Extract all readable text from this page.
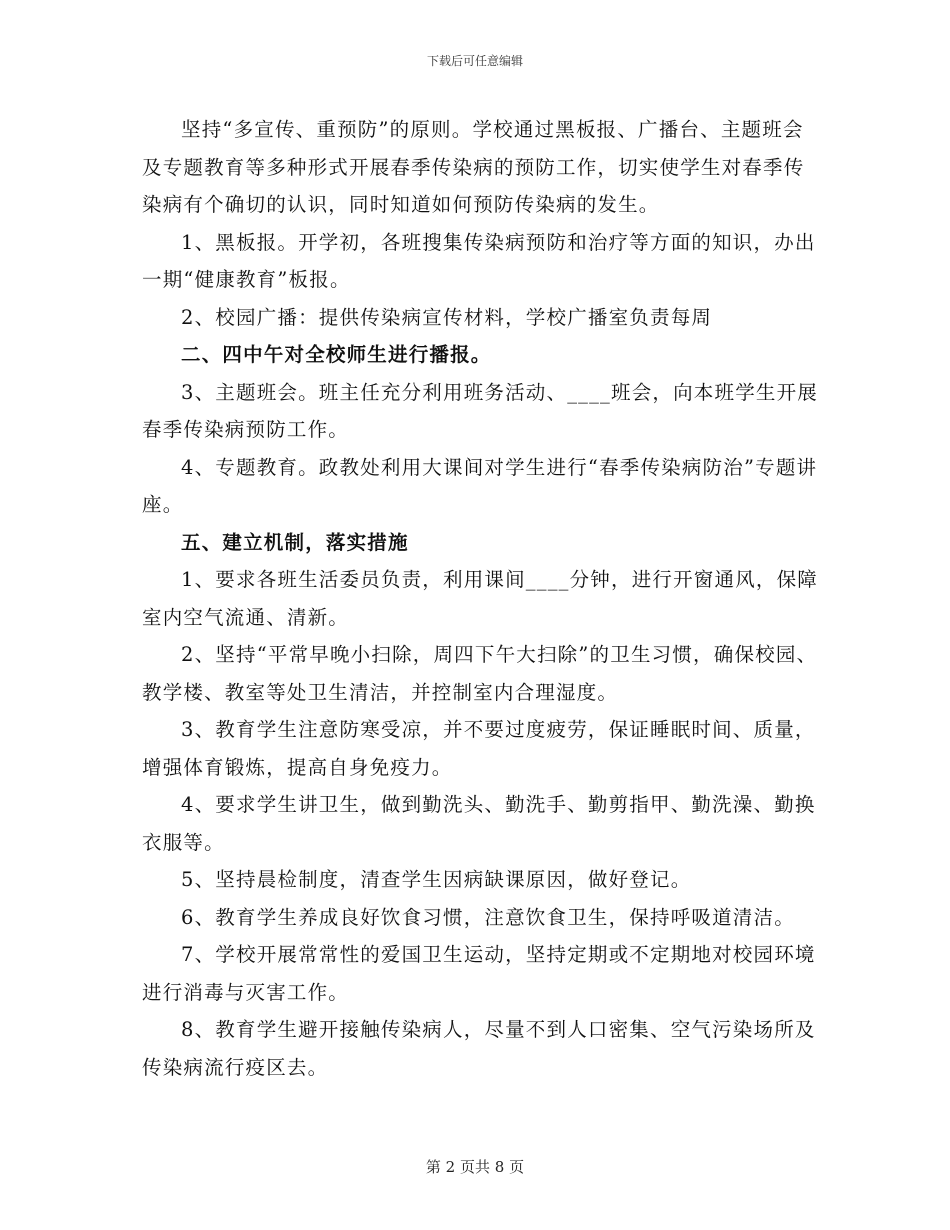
下载后可任意编辑

坚持“多宣传、重预防”的原则。学校通过黑板报、广播台、主题班会及专题教育等多种形式开展春季传染病的预防工作，切实使学生对春季传染病有个确切的认识，同时知道如何预防传染病的发生。

1、黑板报。开学初，各班搜集传染病预防和治疗等方面的知识，办出一期“健康教育”板报。

2、校园广播：提供传染病宣传材料，学校广播室负责每周

二、四中午对全校师生进行播报。

3、主题班会。班主任充分利用班务活动、____班会，向本班学生开展春季传染病预防工作。

4、专题教育。政教处利用大课间对学生进行“春季传染病防治”专题讲座。

五、建立机制，落实措施

1、要求各班生活委员负责，利用课间____分钟，进行开窗通风，保障室内空气流通、清新。

2、坚持“平常早晚小扫除，周四下午大扫除”的卫生习惯，确保校园、教学楼、教室等处卫生清洁，并控制室内合理湿度。

3、教育学生注意防寒受凉，并不要过度疲劳，保证睡眠时间、质量，增强体育锻炼，提高自身免疫力。

4、要求学生讲卫生，做到勤洗头、勤洗手、勤剪指甲、勤洗澡、勤换衣服等。

5、坚持晨检制度，清查学生因病缺课原因，做好登记。

6、教育学生养成良好饮食习惯，注意饮食卫生，保持呼吸道清洁。

7、学校开展常常性的爱国卫生运动，坚持定期或不定期地对校园环境进行消毒与灭害工作。

8、教育学生避开接触传染病人，尽量不到人口密集、空气污染场所及传染病流行疫区去。

第 2 页共 8 页
